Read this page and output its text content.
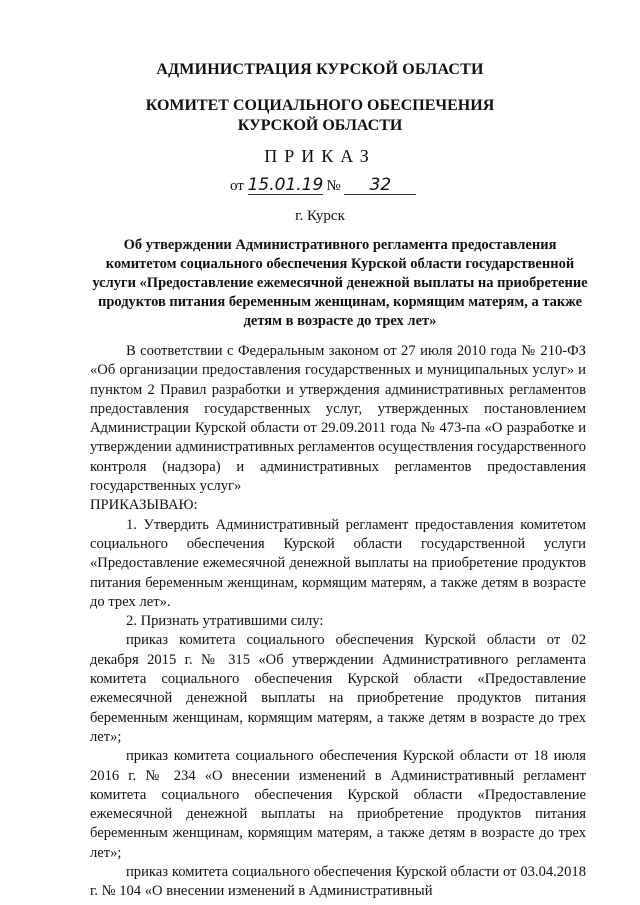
АДМИНИСТРАЦИЯ КУРСКОЙ ОБЛАСТИ
КОМИТЕТ СОЦИАЛЬНОГО ОБЕСПЕЧЕНИЯ
КУРСКОЙ ОБЛАСТИ
ПРИКАЗ
от 15.01.19 № 32
г. Курск
Об утверждении Административного регламента предоставления комитетом социального обеспечения Курской области государственной услуги «Предоставление ежемесячной денежной выплаты на приобретение продуктов питания беременным женщинам, кормящим матерям, а также детям в возрасте до трех лет»

В соответствии с Федеральным законом от 27 июля 2010 года № 210-ФЗ «Об организации предоставления государственных и муниципальных услуг» и пунктом 2 Правил разработки и утверждения административных регламентов предоставления государственных услуг, утвержденных постановлением Администрации Курской области от 29.09.2011 года № 473-па «О разработке и утверждении административных регламентов осуществления государственного контроля (надзора) и административных регламентов предоставления государственных услуг»

ПРИКАЗЫВАЮ:

1. Утвердить Административный регламент предоставления комитетом социального обеспечения Курской области государственной услуги «Предоставление ежемесячной денежной выплаты на приобретение продуктов питания беременным женщинам, кормящим матерям, а также детям в возрасте до трех лет».

2. Признать утратившими силу:

приказ комитета социального обеспечения Курской области от 02 декабря 2015 г. № 315 «Об утверждении Административного регламента комитета социального обеспечения Курской области «Предоставление ежемесячной денежной выплаты на приобретение продуктов питания беременным женщинам, кормящим матерям, а также детям в возрасте до трех лет»;

приказ комитета социального обеспечения Курской области от 18 июля 2016 г. № 234 «О внесении изменений в Административный регламент комитета социального обеспечения Курской области «Предоставление ежемесячной денежной выплаты на приобретение продуктов питания беременным женщинам, кормящим матерям, а также детям в возрасте до трех лет»;

приказ комитета социального обеспечения Курской области от 03.04.2018 г. № 104 «О внесении изменений в Административный
